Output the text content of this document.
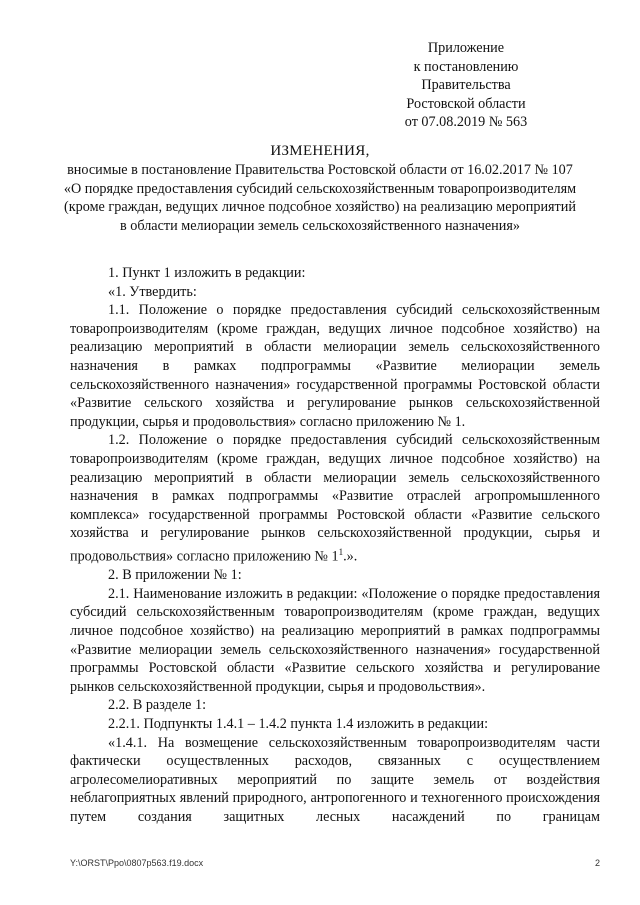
Приложение
к постановлению
Правительства
Ростовской области
от 07.08.2019 № 563
ИЗМЕНЕНИЯ,
вносимые в постановление Правительства Ростовской области от 16.02.2017 № 107 «О порядке предоставления субсидий сельскохозяйственным товаропроизводителям (кроме граждан, ведущих личное подсобное хозяйство) на реализацию мероприятий в области мелиорации земель сельскохозяйственного назначения»

1. Пункт 1 изложить в редакции:

«1. Утвердить:

1.1. Положение о порядке предоставления субсидий сельскохозяйственным товаропроизводителям (кроме граждан, ведущих личное подсобное хозяйство) на реализацию мероприятий в области мелиорации земель сельскохозяйственного назначения в рамках подпрограммы «Развитие мелиорации земель сельскохозяйственного назначения» государственной программы Ростовской области «Развитие сельского хозяйства и регулирование рынков сельскохозяйственной продукции, сырья и продовольствия» согласно приложению № 1.

1.2. Положение о порядке предоставления субсидий сельскохозяйственным товаропроизводителям (кроме граждан, ведущих личное подсобное хозяйство) на реализацию мероприятий в области мелиорации земель сельскохозяйственного назначения в рамках подпрограммы «Развитие отраслей агропромышленного комплекса» государственной программы Ростовской области «Развитие сельского хозяйства и регулирование рынков сельскохозяйственной продукции, сырья и продовольствия» согласно приложению № $1^1$.».

2. В приложении № 1:

2.1. Наименование изложить в редакции: «Положение о порядке предоставления субсидий сельскохозяйственным товаропроизводителям (кроме граждан, ведущих личное подсобное хозяйство) на реализацию мероприятий в рамках подпрограммы «Развитие мелиорации земель сельскохозяйственного назначения» государственной программы Ростовской области «Развитие сельского хозяйства и регулирование рынков сельскохозяйственной продукции, сырья и продовольствия».

2.2. В разделе 1:

2.2.1. Подпункты 1.4.1 – 1.4.2 пункта 1.4 изложить в редакции:

«1.4.1. На возмещение сельскохозяйственным товаропроизводителям части фактически осуществленных расходов, связанных с осуществлением агролесомелиоративных мероприятий по защите земель от воздействия неблагоприятных явлений природного, антропогенного и техногенного происхождения путем создания защитных лесных насаждений по границам

Y:\ORST\Ppo\0807p563.f19.docx	2
